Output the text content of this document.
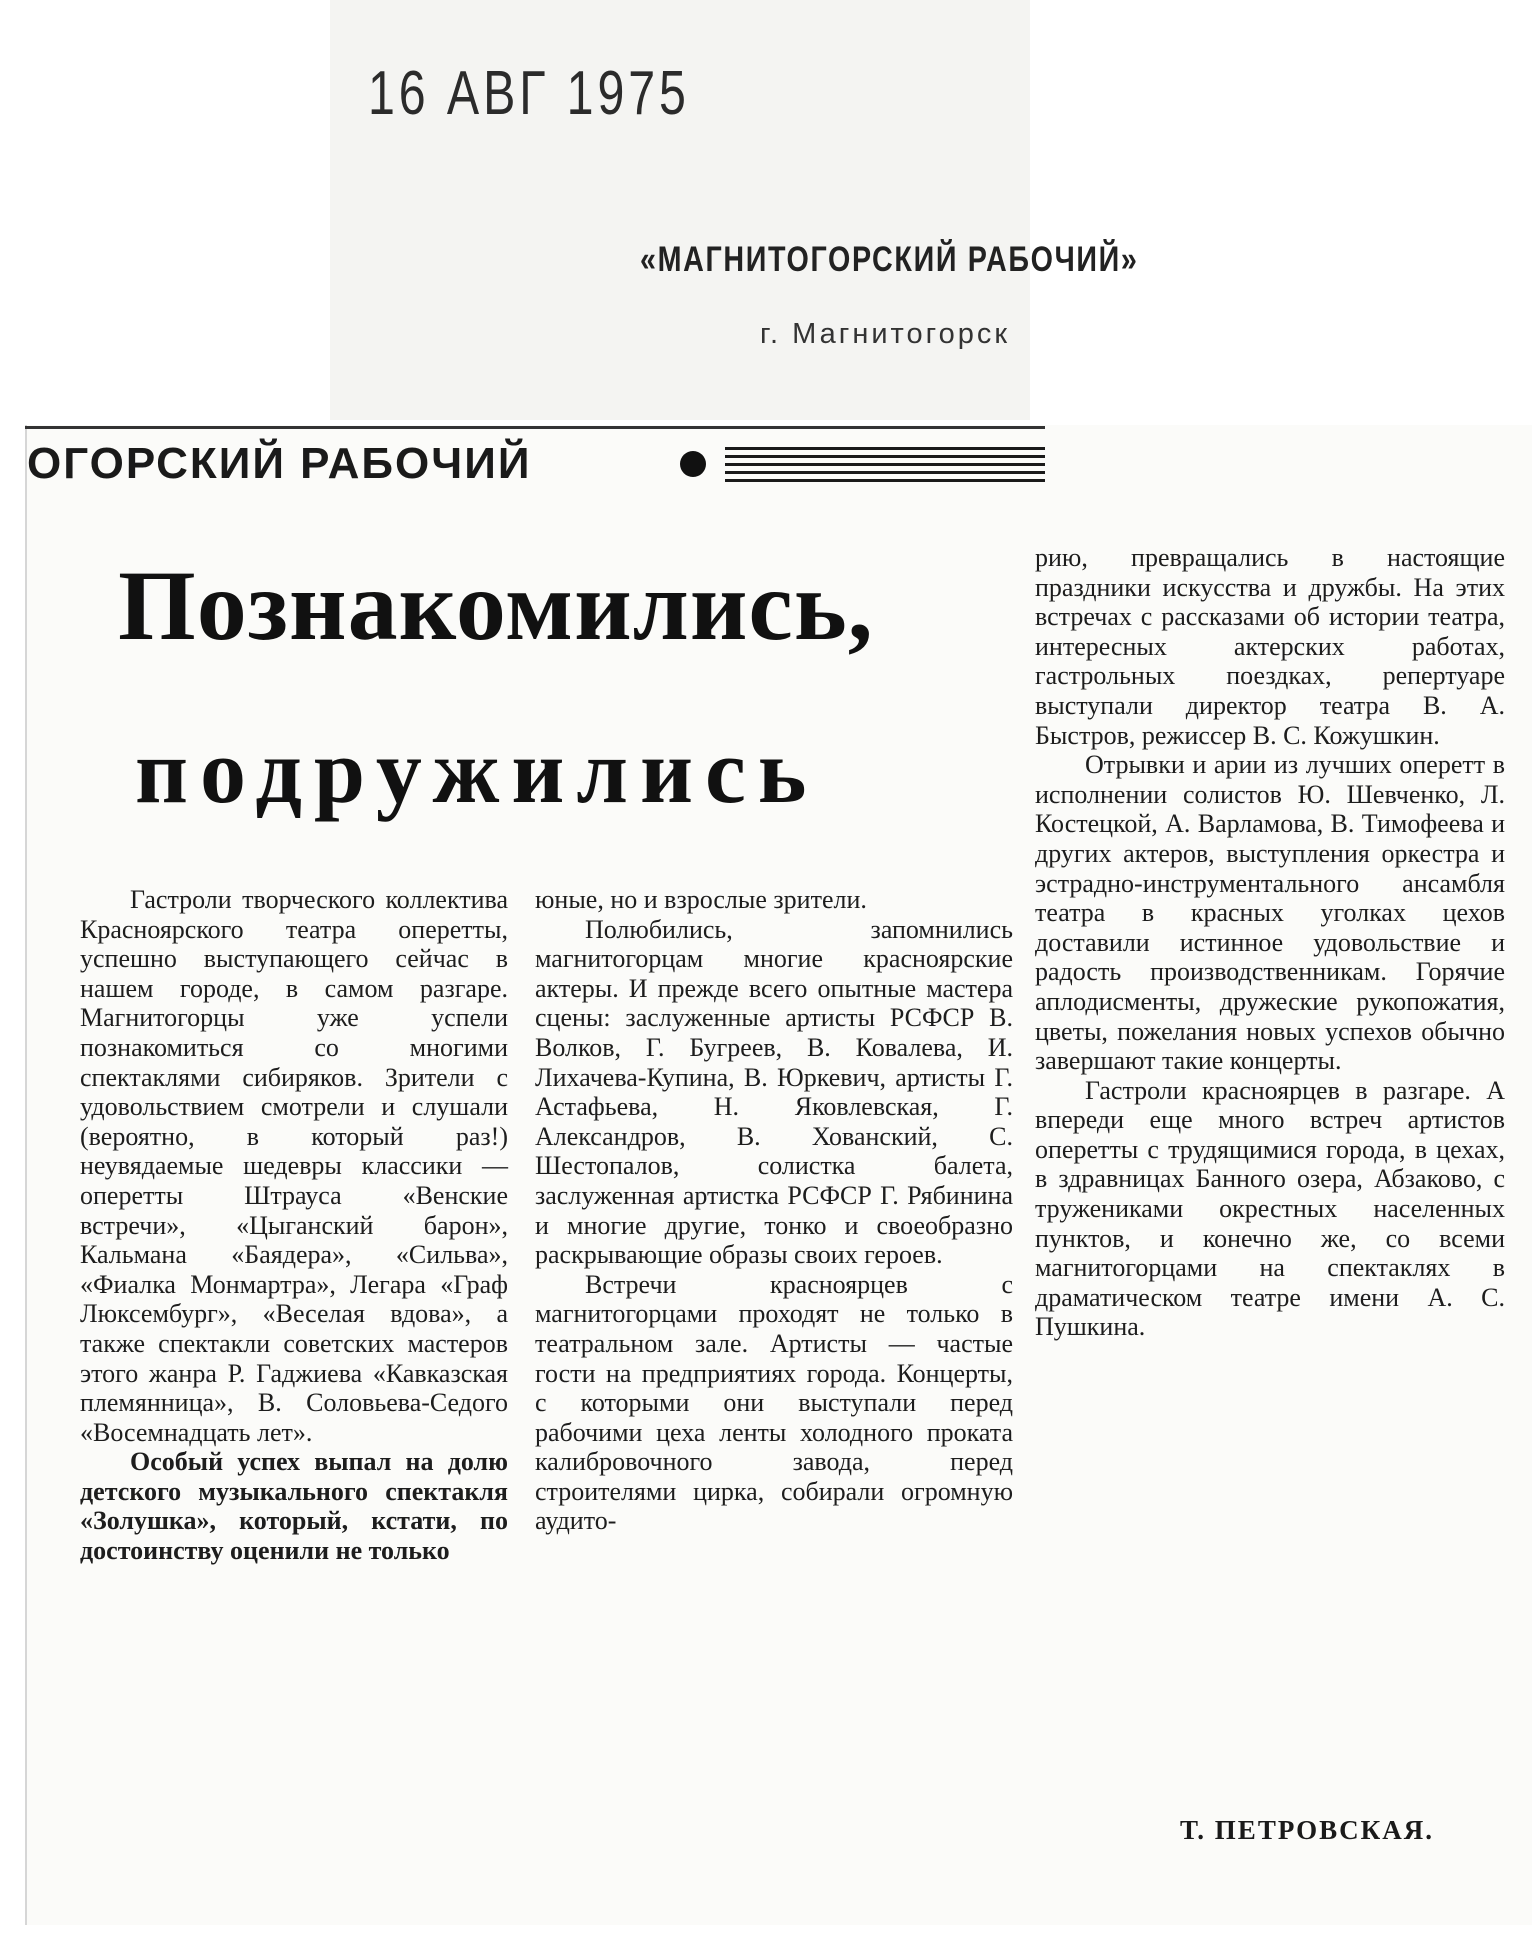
16 АВГ 1975
«МАГНИТОГОРСКИЙ РАБОЧИЙ»
г. Магнитогорск
ОГОРСКИЙ РАБОЧИЙ
Познакомились,
подружились

Гастроли творческого коллектива Красноярского театра оперетты, успешно выступающего сейчас в нашем городе, в самом разгаре. Магнитогорцы уже успели познакомиться со многими спектаклями сибиряков. Зрители с удовольствием смотрели и слушали (вероятно, в который раз!) неувядаемые шедевры классики — оперетты Штрауса «Венские встречи», «Цыганский барон», Кальмана «Баядера», «Сильва», «Фиалка Монмартра», Легара «Граф Люксембург», «Веселая вдова», а также спектакли советских мастеров этого жанра Р. Гаджиева «Кавказская племянница», В. Соловьева-Седого «Восемнадцать лет».

Особый успех выпал на долю детского музыкального спектакля «Золушка», который, кстати, по достоинству оценили не только

юные, но и взрослые зрители.

Полюбились, запомнились магнитогорцам многие красноярские актеры. И прежде всего опытные мастера сцены: заслуженные артисты РСФСР В. Волков, Г. Бугреев, В. Ковалева, И. Лихачева-Купина, В. Юркевич, артисты Г. Астафьева, Н. Яковлевская, Г. Александров, В. Хованский, С. Шестопалов, солистка балета, заслуженная артистка РСФСР Г. Рябинина и многие другие, тонко и своеобразно раскрывающие образы своих героев.

Встречи красноярцев с магнитогорцами проходят не только в театральном зале. Артисты — частые гости на предприятиях города. Концерты, с которыми они выступали перед рабочими цеха ленты холодного проката калибровочного завода, перед строителями цирка, собирали огромную аудито-

рию, превращались в настоящие праздники искусства и дружбы. На этих встречах с рассказами об истории театра, интересных актерских работах, гастрольных поездках, репертуаре выступали директор театра В. А. Быстров, режиссер В. С. Кожушкин.

Отрывки и арии из лучших оперетт в исполнении солистов Ю. Шевченко, Л. Костецкой, А. Варламова, В. Тимофеева и других актеров, выступления оркестра и эстрадно-инструментального ансамбля театра в красных уголках цехов доставили истинное удовольствие и радость производственникам. Горячие аплодисменты, дружеские рукопожатия, цветы, пожелания новых успехов обычно завершают такие концерты.

Гастроли красноярцев в разгаре. А впереди еще много встреч артистов оперетты с трудящимися города, в цехах, в здравницах Банного озера, Абзаково, с тружениками окрестных населенных пунктов, и конечно же, со всеми магнитогорцами на спектаклях в драматическом театре имени А. С. Пушкина.

Т. ПЕТРОВСКАЯ.
